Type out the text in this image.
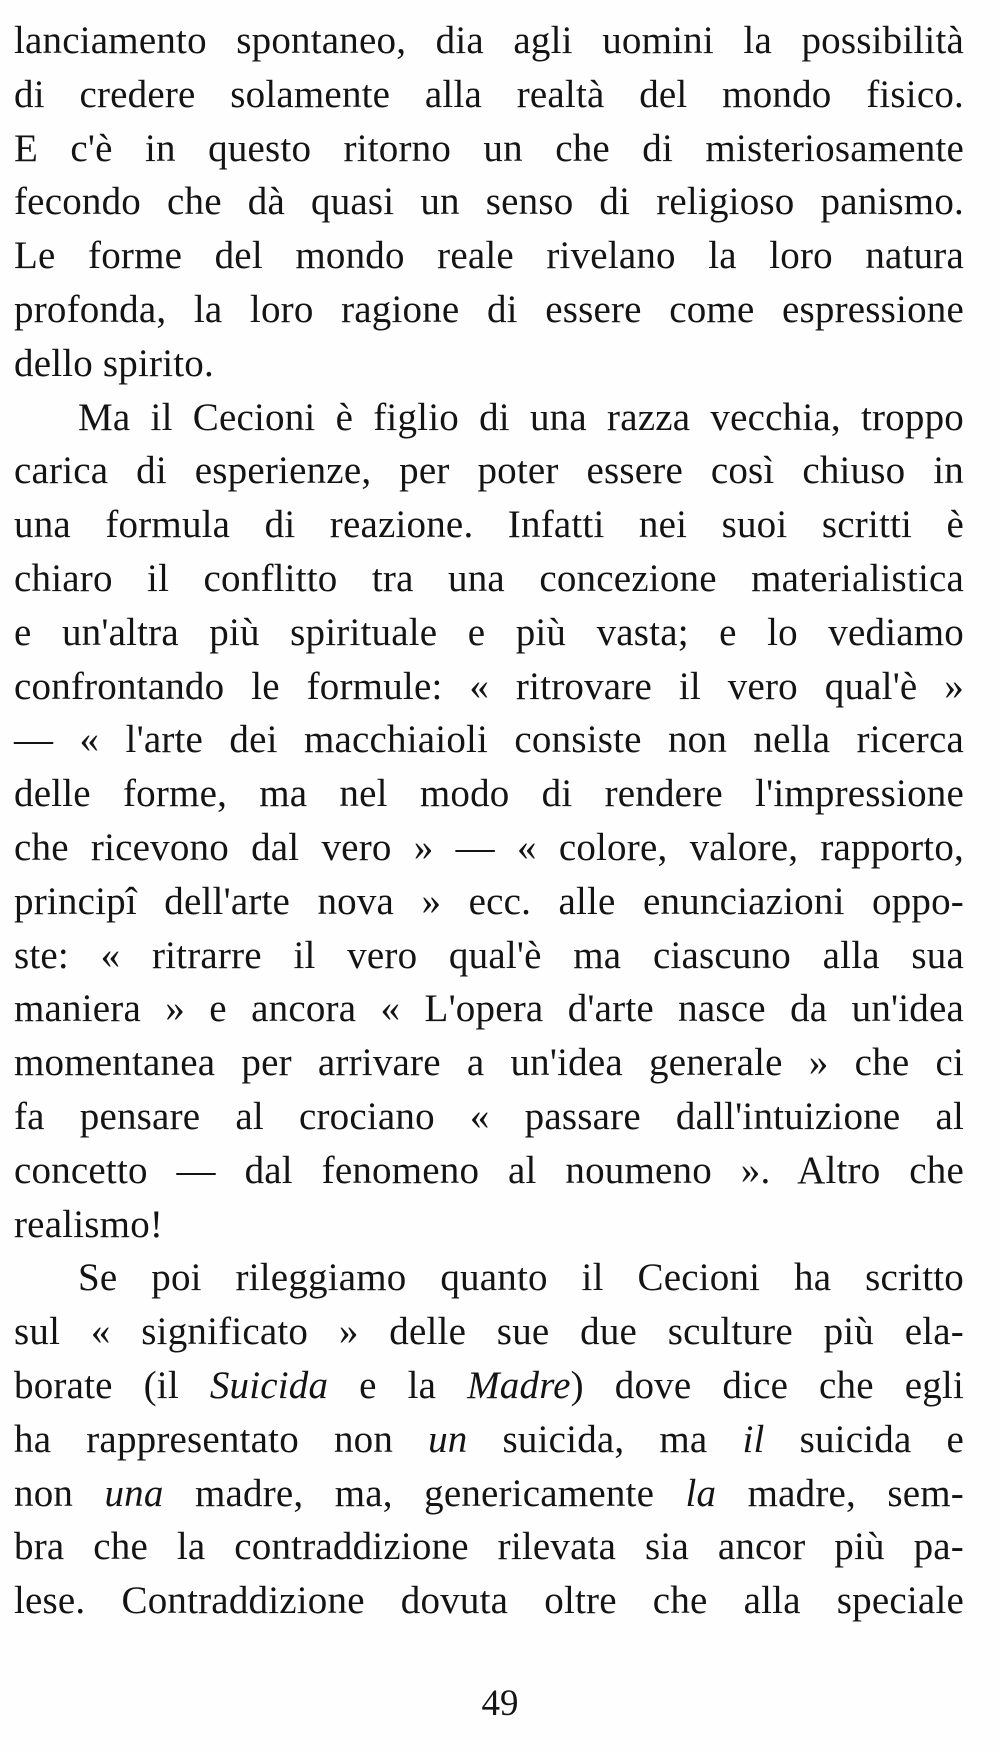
lanciamento spontaneo, dia agli uomini la possibilità
di credere solamente alla realtà del mondo fisico.
E c'è in questo ritorno un che di misteriosamente
fecondo che dà quasi un senso di religioso panismo.
Le forme del mondo reale rivelano la loro natura
profonda, la loro ragione di essere come espressione
dello spirito.

Ma il Cecioni è figlio di una razza vecchia, troppo
carica di esperienze, per poter essere così chiuso in
una formula di reazione. Infatti nei suoi scritti è
chiaro il conflitto tra una concezione materialistica
e un'altra più spirituale e più vasta; e lo vediamo
confrontando le formule: « ritrovare il vero qual'è »
— « l'arte dei macchiaioli consiste non nella ricerca
delle forme, ma nel modo di rendere l'impressione
che ricevono dal vero » — « colore, valore, rapporto,
principî dell'arte nova » ecc. alle enunciazioni oppo-
ste: « ritrarre il vero qual'è ma ciascuno alla sua
maniera » e ancora « L'opera d'arte nasce da un'idea
momentanea per arrivare a un'idea generale » che ci
fa pensare al crociano « passare dall'intuizione al
concetto — dal fenomeno al noumeno ». Altro che
realismo!

Se poi rileggiamo quanto il Cecioni ha scritto
sul « significato » delle sue due sculture più ela-
borate (il Suicida e la Madre) dove dice che egli
ha rappresentato non un suicida, ma il suicida e
non una madre, ma, genericamente la madre, sem-
bra che la contraddizione rilevata sia ancor più pa-
lese. Contraddizione dovuta oltre che alla speciale

49
